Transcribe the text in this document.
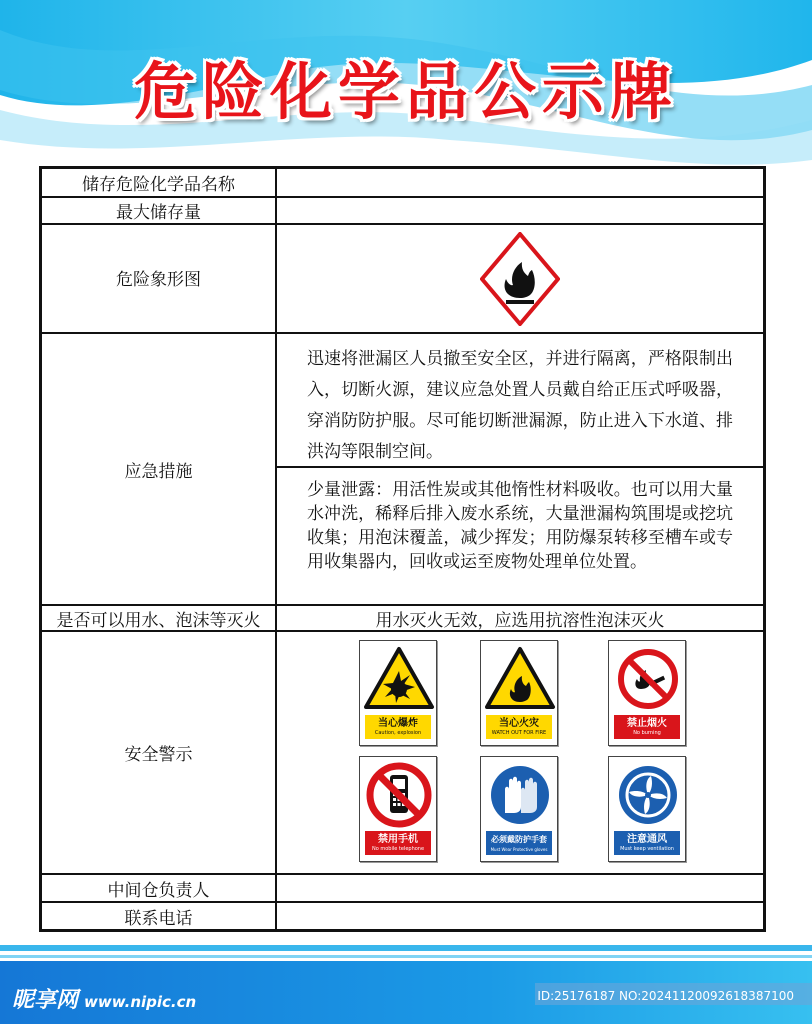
危险化学品公示牌
储存危险化学品名称
最大储存量
危险象形图
应急措施
迅速将泄漏区人员撤至安全区，并进行隔离，严格限制出入，切断火源，建议应急处置人员戴自给正压式呼吸器，穿消防防护服。尽可能切断泄漏源，防止进入下水道、排洪沟等限制空间。
少量泄露：用活性炭或其他惰性材料吸收。也可以用大量水冲洗，稀释后排入废水系统，大量泄漏构筑围堤或挖坑收集；用泡沫覆盖，减少挥发；用防爆泵转移至槽车或专用收集器内，回收或运至废物处理单位处置。
是否可以用水、泡沫等灭火	用水灭火无效，应选用抗溶性泡沫灭火
安全警示
当心爆炸
Caution, explosion
当心火灾
WATCH OUT FOR FIRE
禁止烟火
No burning
禁用手机
No mobile telephone
必须戴防护手套
Must Wear Protective gloves
注意通风
Must keep ventilation
中间仓负责人
联系电话
昵享网 www.nipic.cn	ID:25176187 NO:20241120092618387100
